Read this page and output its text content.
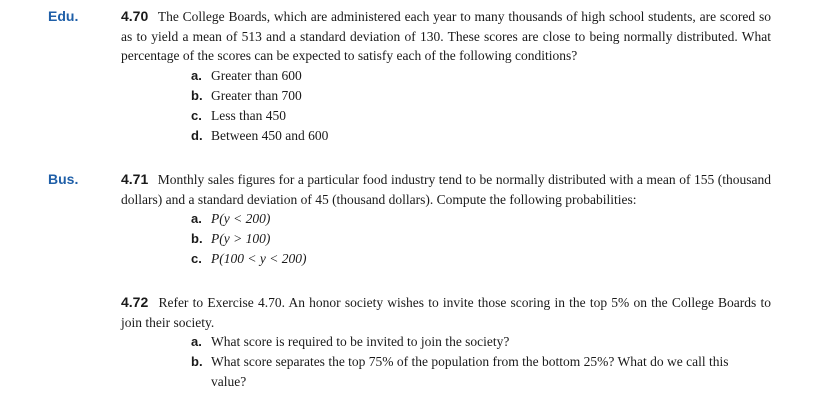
Edu.	4.70 The College Boards, which are administered each year to many thousands of high school students, are scored so as to yield a mean of 513 and a standard deviation of 130. These scores are close to being normally distributed. What percentage of the scores can be expected to satisfy each of the following conditions?
a. Greater than 600
b. Greater than 700
c. Less than 450
d. Between 450 and 600
Bus.	4.71 Monthly sales figures for a particular food industry tend to be normally distributed with a mean of 155 (thousand dollars) and a standard deviation of 45 (thousand dollars). Compute the following probabilities:
a. P(y < 200)
b. P(y > 100)
c. P(100 < y < 200)
4.72 Refer to Exercise 4.70. An honor society wishes to invite those scoring in the top 5% on the College Boards to join their society.
a. What score is required to be invited to join the society?
b. What score separates the top 75% of the population from the bottom 25%? What do we call this value?
